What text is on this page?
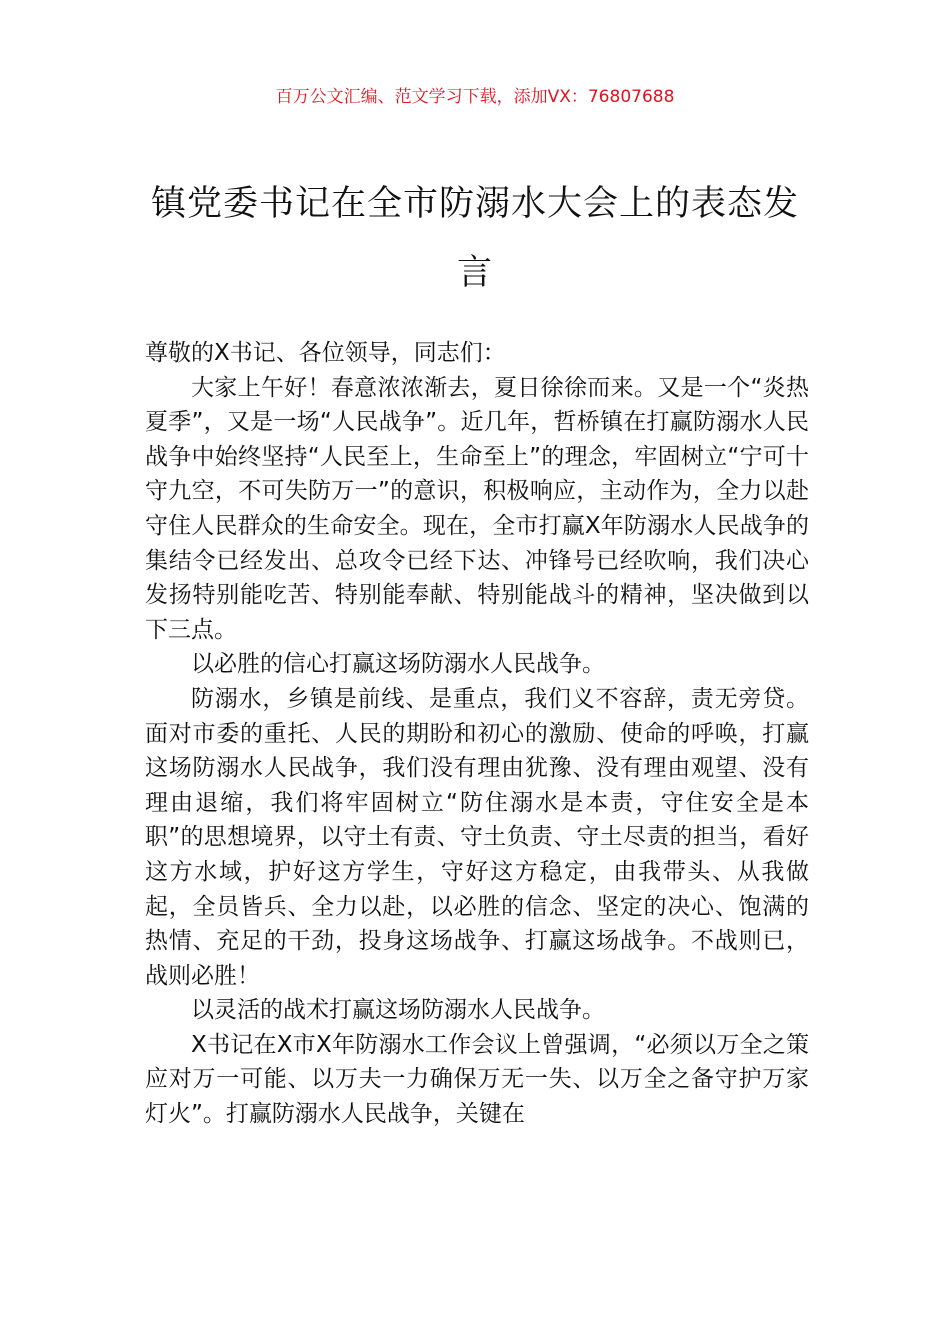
百万公文汇编、范文学习下载，添加VX：76807688
镇党委书记在全市防溺水大会上的表态发言

尊敬的X书记、各位领导，同志们：

大家上午好！春意浓浓渐去，夏日徐徐而来。又是一个“炎热夏季”，又是一场“人民战争”。近几年，哲桥镇在打赢防溺水人民战争中始终坚持“人民至上，生命至上”的理念，牢固树立“宁可十守九空，不可失防万一”的意识，积极响应，主动作为，全力以赴守住人民群众的生命安全。现在，全市打赢X年防溺水人民战争的集结令已经发出、总攻令已经下达、冲锋号已经吹响，我们决心发扬特别能吃苦、特别能奉献、特别能战斗的精神，坚决做到以下三点。

以必胜的信心打赢这场防溺水人民战争。

防溺水，乡镇是前线、是重点，我们义不容辞，责无旁贷。面对市委的重托、人民的期盼和初心的激励、使命的呼唤，打赢这场防溺水人民战争，我们没有理由犹豫、没有理由观望、没有理由退缩，我们将牢固树立“防住溺水是本责，守住安全是本职”的思想境界，以守土有责、守土负责、守土尽责的担当，看好这方水域，护好这方学生，守好这方稳定，由我带头、从我做起，全员皆兵、全力以赴，以必胜的信念、坚定的决心、饱满的热情、充足的干劲，投身这场战争、打赢这场战争。不战则已，战则必胜！

以灵活的战术打赢这场防溺水人民战争。

X书记在X市X年防溺水工作会议上曾强调，“必须以万全之策应对万一可能、以万夫一力确保万无一失、以万全之备守护万家灯火”。打赢防溺水人民战争，关键在
